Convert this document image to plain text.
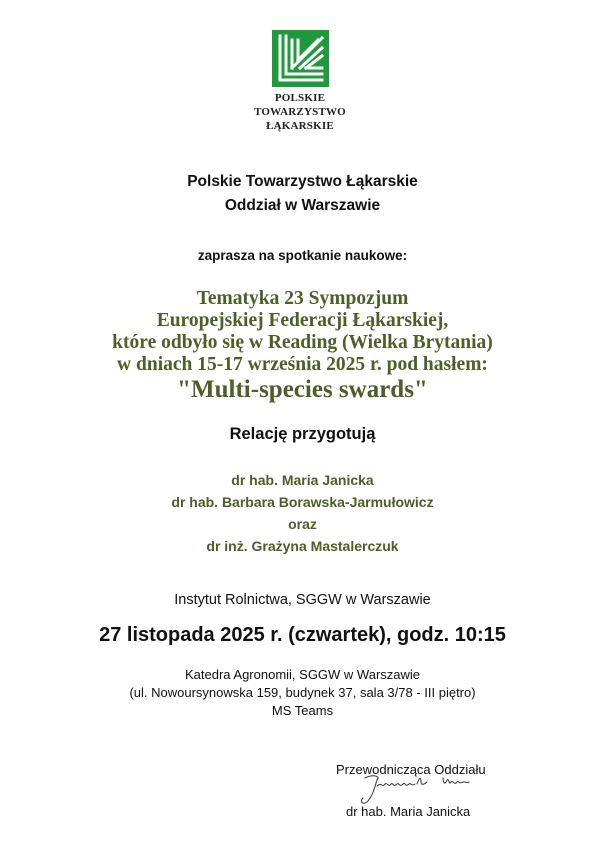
POLSKIE
TOWARZYSTWO
ŁĄKARSKIE
Polskie Towarzystwo Łąkarskie
Oddział w Warszawie
zaprasza na spotkanie naukowe:
Tematyka 23 Sympozjum
Europejskiej Federacji Łąkarskiej,
które odbyło się w Reading (Wielka Brytania)
w dniach 15-17 września 2025 r. pod hasłem:
"Multi-species swards"
Relację przygotują
dr hab. Maria Janicka
dr hab. Barbara Borawska-Jarmułowicz
oraz
dr inż. Grażyna Mastalerczuk
Instytut Rolnictwa, SGGW w Warszawie
27 listopada 2025 r. (czwartek), godz. 10:15
Katedra Agronomii, SGGW w Warszawie
(ul. Nowoursynowska 159, budynek 37, sala 3/78 - III piętro)
MS Teams
Przewodnicząca Oddziału
dr hab. Maria Janicka
